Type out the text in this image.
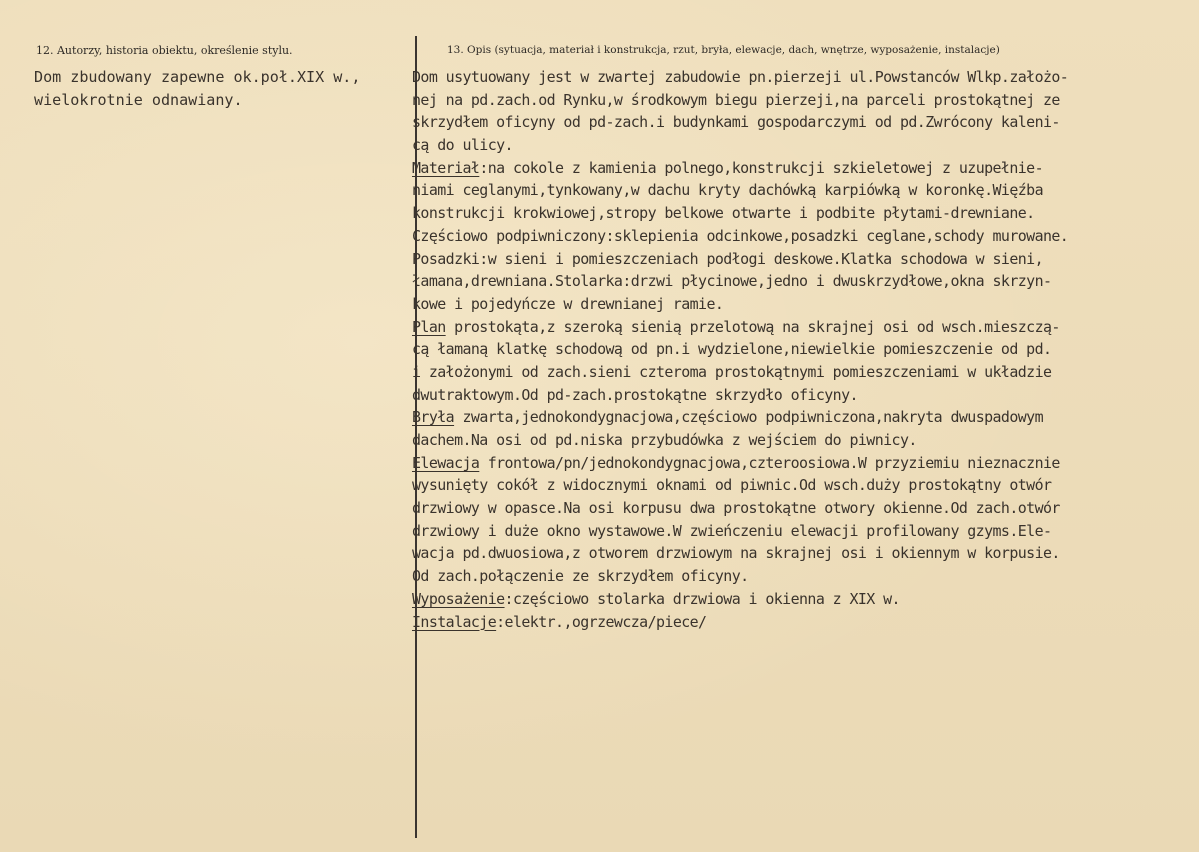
12. Autorzy, historia obiektu, określenie stylu.	13. Opis (sytuacja, materiał i konstrukcja, rzut, bryła, elewacje, dach, wnętrze, wyposażenie, instalacje)
Dom zbudowany zapewne ok.poł.XIX w.,
wielokrotnie odnawiany.
Dom usytuowany jest w zwartej zabudowie pn.pierzeji ul.Powstanców Wlkp.założo-
nej na pd.zach.od Rynku,w środkowym biegu pierzeji,na parceli prostokątnej ze
skrzydłem oficyny od pd-zach.i budynkami gospodarczymi od pd.Zwrócony kaleni-
cą do ulicy.
Materiał:na cokole z kamienia polnego,konstrukcji szkieletowej z uzupełnie-
niami ceglanymi,tynkowany,w dachu kryty dachówką karpiówką w koronkę.Więźba
konstrukcji krokwiowej,stropy belkowe otwarte i podbite płytami-drewniane.
Częściowo podpiwniczony:sklepienia odcinkowe,posadzki ceglane,schody murowane.
Posadzki:w sieni i pomieszczeniach podłogi deskowe.Klatka schodowa w sieni,
łamana,drewniana.Stolarka:drzwi płycinowe,jedno i dwuskrzydłowe,okna skrzyn-
kowe i pojedyńcze w drewnianej ramie.
Plan prostokąta,z szeroką sienią przelotową na skrajnej osi od wsch.mieszczą-
cą łamaną klatkę schodową od pn.i wydzielone,niewielkie pomieszczenie od pd.
i założonymi od zach.sieni czteroma prostokątnymi pomieszczeniami w układzie
dwutraktowym.Od pd-zach.prostokątne skrzydło oficyny.
Bryła zwarta,jednokondygnacjowa,częściowo podpiwniczona,nakryta dwuspadowym
dachem.Na osi od pd.niska przybudówka z wejściem do piwnicy.
Elewacja frontowa/pn/jednokondygnacjowa,czteroosiowa.W przyziemiu nieznacznie
wysunięty cokół z widocznymi oknami od piwnic.Od wsch.duży prostokątny otwór
drzwiowy w opasce.Na osi korpusu dwa prostokątne otwory okienne.Od zach.otwór
drzwiowy i duże okno wystawowe.W zwieńczeniu elewacji profilowany gzyms.Ele-
wacja pd.dwuosiowa,z otworem drzwiowym na skrajnej osi i okiennym w korpusie.
Od zach.połączenie ze skrzydłem oficyny.
Wyposażenie:częściowo stolarka drzwiowa i okienna z XIX w.
Instalacje:elektr.,ogrzewcza/piece/
